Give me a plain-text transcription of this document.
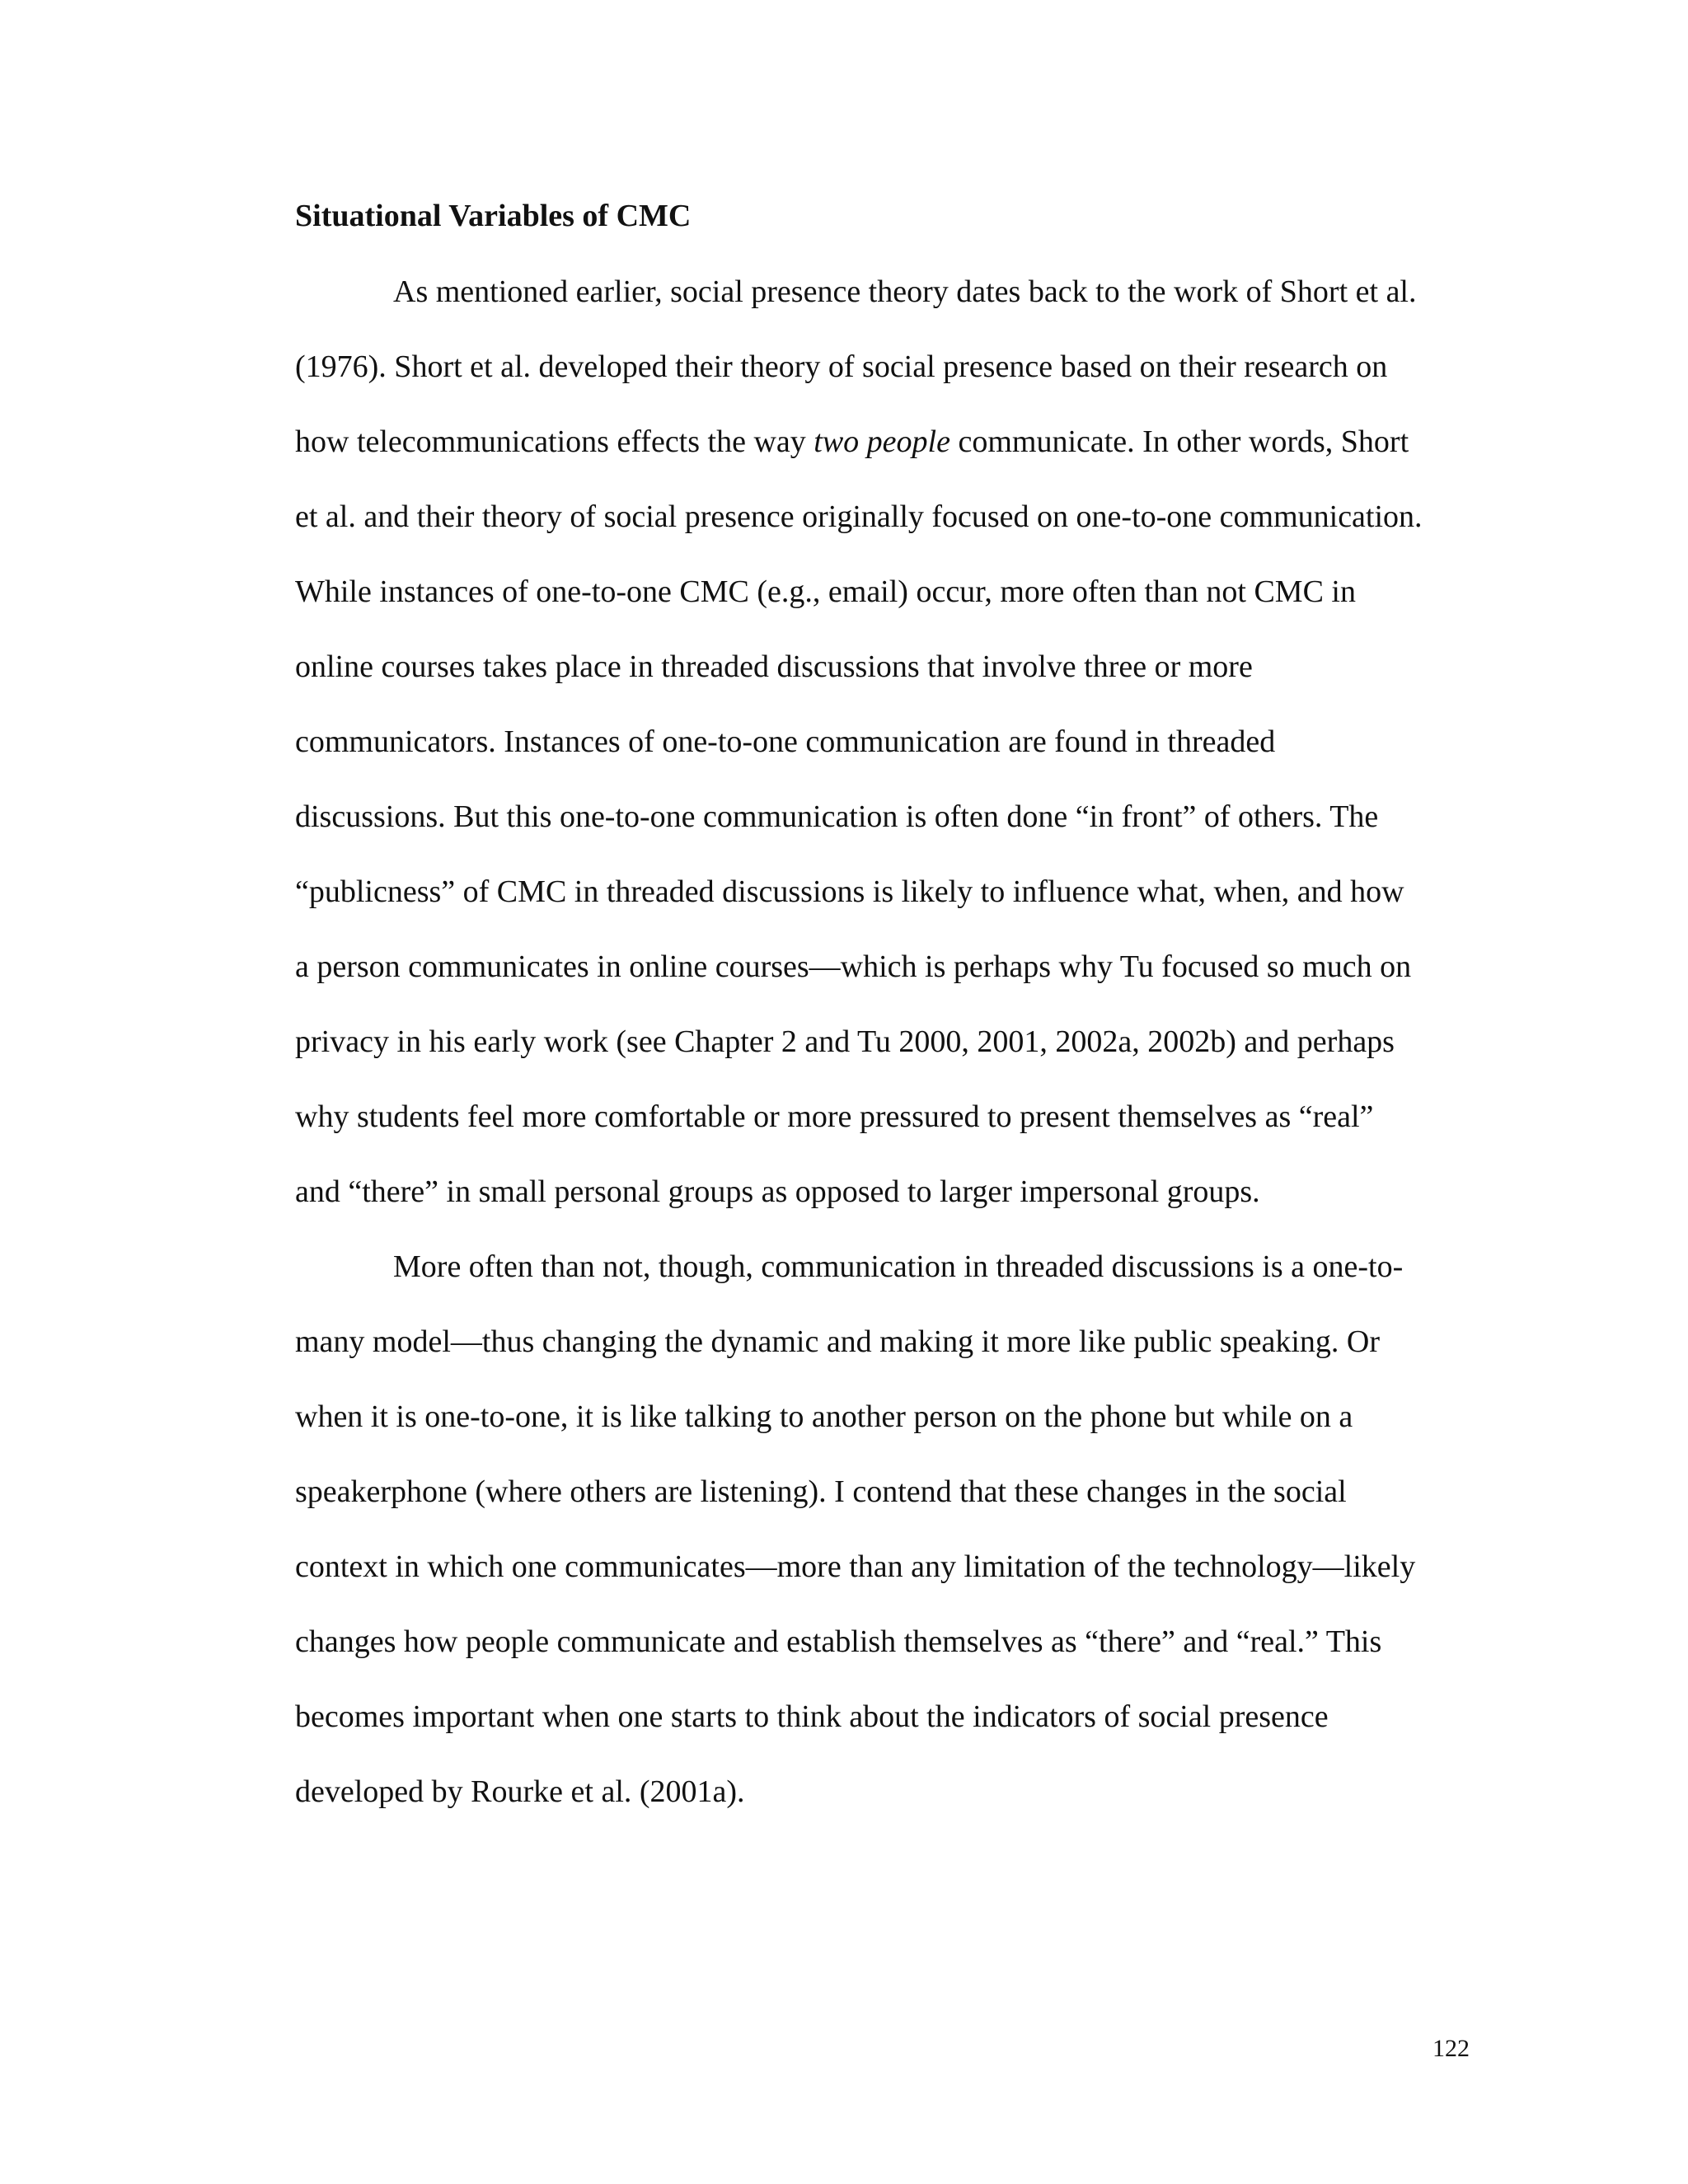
Situational Variables of CMC

As mentioned earlier, social presence theory dates back to the work of Short et al.

(1976). Short et al. developed their theory of social presence based on their research on

how telecommunications effects the way two people communicate. In other words, Short

et al. and their theory of social presence originally focused on one-to-one communication.

While instances of one-to-one CMC (e.g., email) occur, more often than not CMC in

online courses takes place in threaded discussions that involve three or more

communicators. Instances of one-to-one communication are found in threaded

discussions. But this one-to-one communication is often done “in front” of others. The

“publicness” of CMC in threaded discussions is likely to influence what, when, and how

a person communicates in online courses—which is perhaps why Tu focused so much on

privacy in his early work (see Chapter 2 and Tu 2000, 2001, 2002a, 2002b) and perhaps

why students feel more comfortable or more pressured to present themselves as “real”

and “there” in small personal groups as opposed to larger impersonal groups.

More often than not, though, communication in threaded discussions is a one-to-

many model—thus changing the dynamic and making it more like public speaking. Or

when it is one-to-one, it is like talking to another person on the phone but while on a

speakerphone (where others are listening). I contend that these changes in the social

context in which one communicates—more than any limitation of the technology—likely

changes how people communicate and establish themselves as “there” and “real.” This

becomes important when one starts to think about the indicators of social presence

developed by Rourke et al. (2001a).

122
